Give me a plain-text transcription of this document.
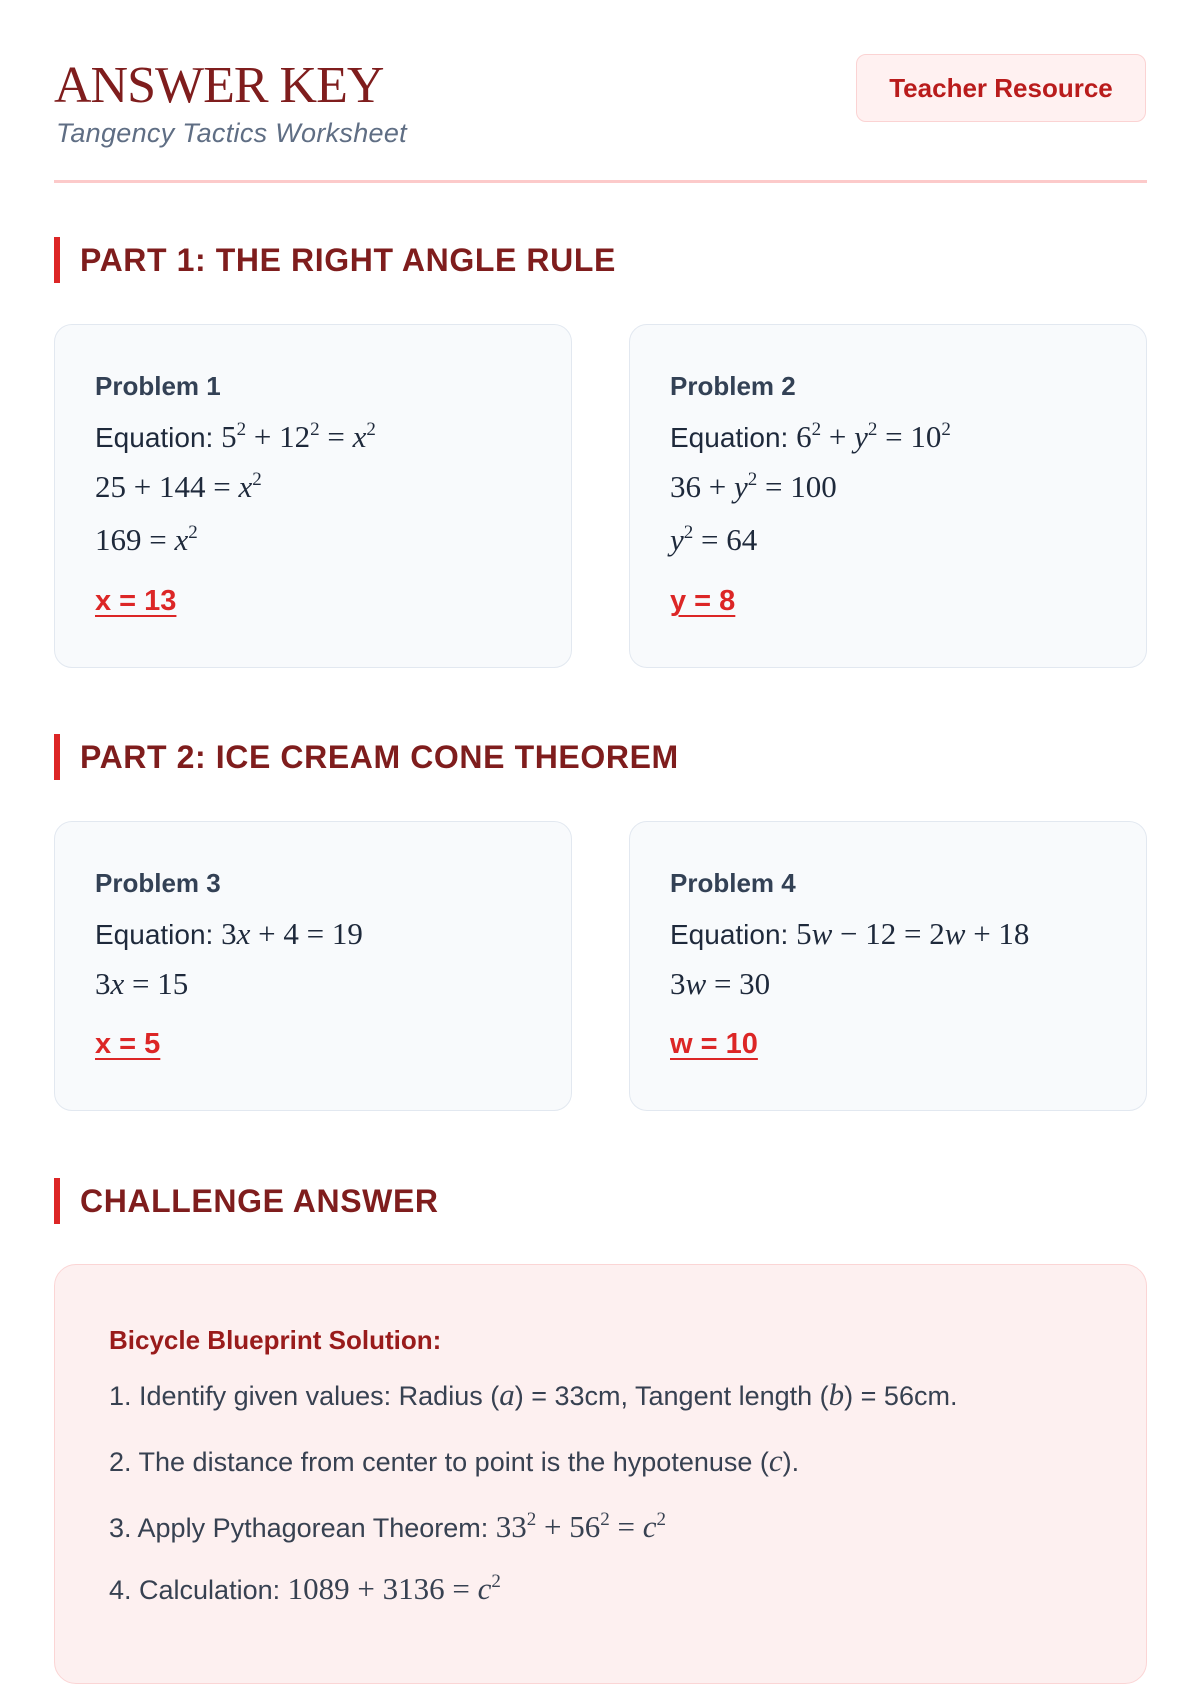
ANSWER KEY
Tangency Tactics Worksheet
Teacher Resource
PART 1: THE RIGHT ANGLE RULE
Problem 1
Equation: $5^2 + 12^2 = x^2$
$25 + 144 = x^2$
$169 = x^2$
x = 13
Problem 2
Equation: $6^2 + y^2 = 10^2$
$36 + y^2 = 100$
$y^2 = 64$
y = 8
PART 2: ICE CREAM CONE THEOREM
Problem 3
Equation: 3x + 4 = 19
3x = 15
x = 5
Problem 4
Equation: 5w − 12 = 2w + 18
3w = 30
w = 10
CHALLENGE ANSWER
Bicycle Blueprint Solution:
1. Identify given values: Radius (a) = 33cm, Tangent length (b) = 56cm.
2. The distance from center to point is the hypotenuse (c).
3. Apply Pythagorean Theorem: $33^2 + 56^2 = c^2$
4. Calculation: $1089 + 3136 = c^2$
